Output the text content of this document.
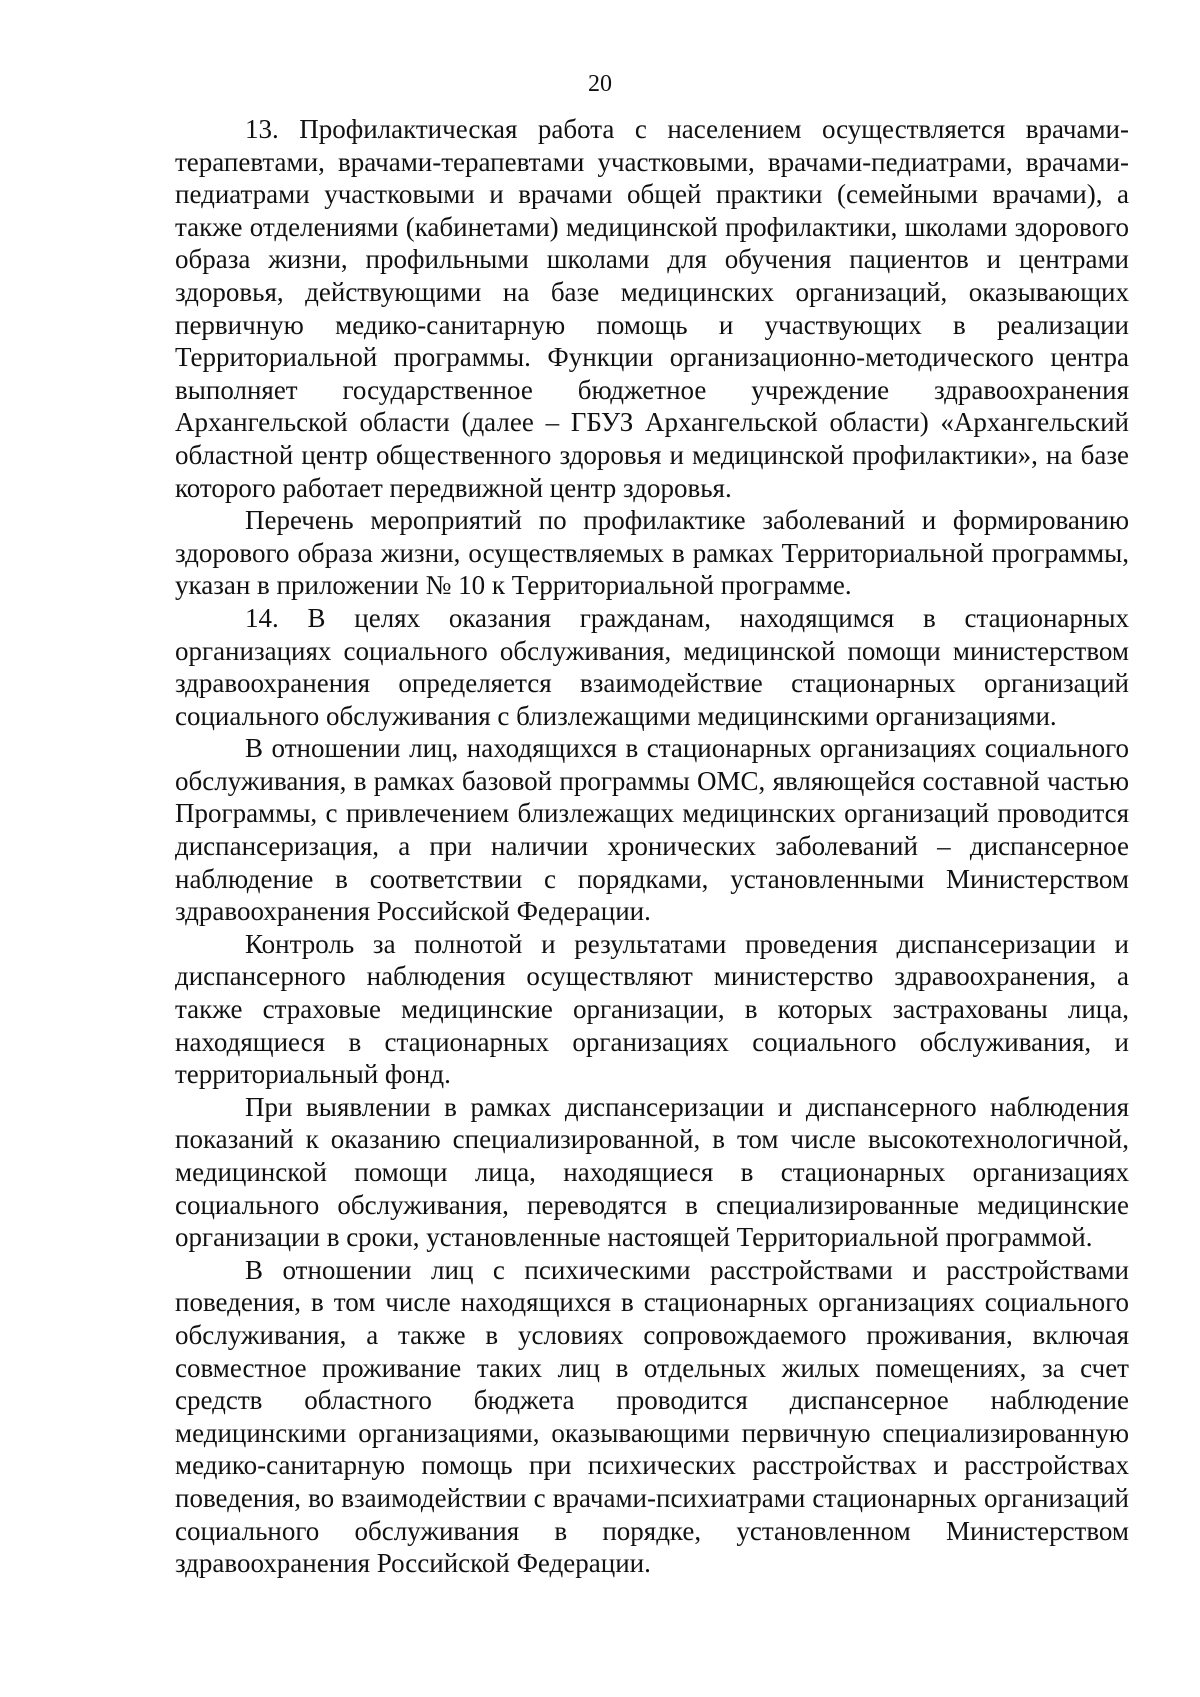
20

13. Профилактическая работа с населением осуществляется врачами-терапевтами, врачами-терапевтами участковыми, врачами-педиатрами, врачами-педиатрами участковыми и врачами общей практики (семейными врачами), а также отделениями (кабинетами) медицинской профилактики, школами здорового образа жизни, профильными школами для обучения пациентов и центрами здоровья, действующими на базе медицинских организаций, оказывающих первичную медико-санитарную помощь и участвующих в реализации Территориальной программы. Функции организационно-методического центра выполняет государственное бюджетное учреждение здравоохранения Архангельской области (далее – ГБУЗ Архангельской области) «Архангельский областной центр общественного здоровья и медицинской профилактики», на базе которого работает передвижной центр здоровья.

Перечень мероприятий по профилактике заболеваний и формированию здорового образа жизни, осуществляемых в рамках Территориальной программы, указан в приложении № 10 к Территориальной программе.

14. В целях оказания гражданам, находящимся в стационарных организациях социального обслуживания, медицинской помощи министерством здравоохранения определяется взаимодействие стационарных организаций социального обслуживания с близлежащими медицинскими организациями.

В отношении лиц, находящихся в стационарных организациях социального обслуживания, в рамках базовой программы ОМС, являющейся составной частью Программы, с привлечением близлежащих медицинских организаций проводится диспансеризация, а при наличии хронических заболеваний – диспансерное наблюдение в соответствии с порядками, установленными Министерством здравоохранения Российской Федерации.

Контроль за полнотой и результатами проведения диспансеризации и диспансерного наблюдения осуществляют министерство здравоохранения, а также страховые медицинские организации, в которых застрахованы лица, находящиеся в стационарных организациях социального обслуживания, и территориальный фонд.

При выявлении в рамках диспансеризации и диспансерного наблюдения показаний к оказанию специализированной, в том числе высокотехнологичной, медицинской помощи лица, находящиеся в стационарных организациях социального обслуживания, переводятся в специализированные медицинские организации в сроки, установленные настоящей Территориальной программой.

В отношении лиц с психическими расстройствами и расстройствами поведения, в том числе находящихся в стационарных организациях социального обслуживания, а также в условиях сопровождаемого проживания, включая совместное проживание таких лиц в отдельных жилых помещениях, за счет средств областного бюджета проводится диспансерное наблюдение медицинскими организациями, оказывающими первичную специализированную медико-санитарную помощь при психических расстройствах и расстройствах поведения, во взаимодействии с врачами-психиатрами стационарных организаций социального обслуживания в порядке, установленном Министерством здравоохранения Российской Федерации.
